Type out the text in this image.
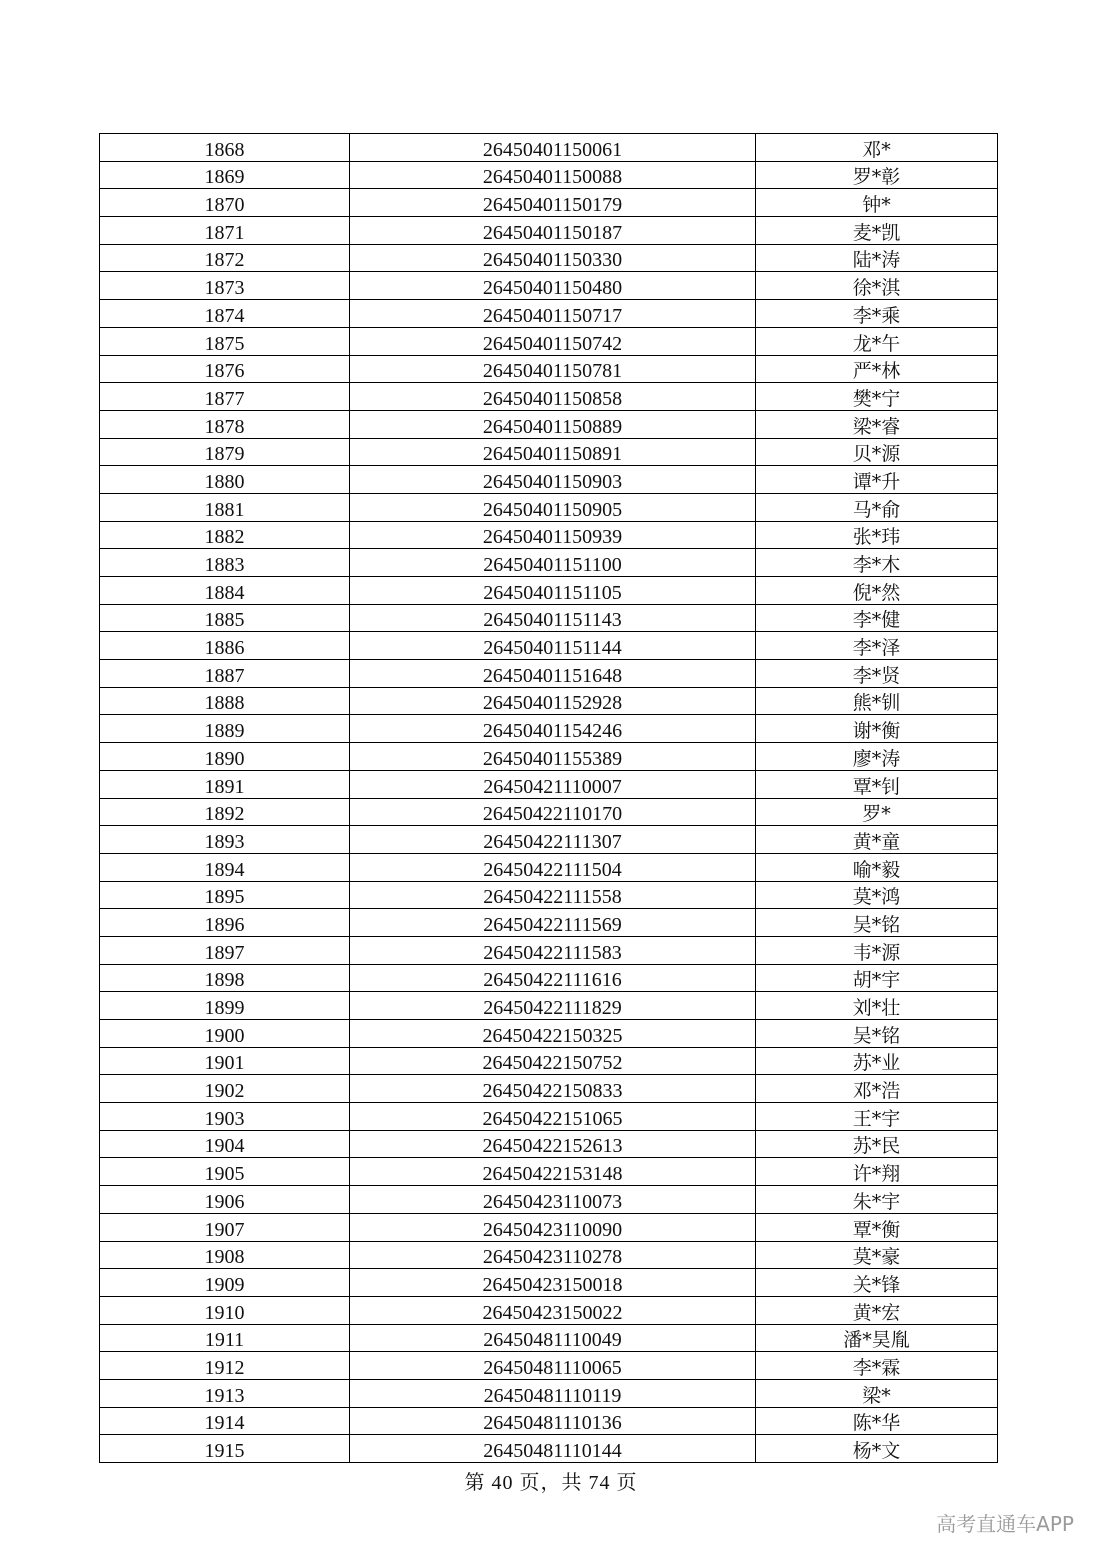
1868	26450401150061	邓*
1869	26450401150088	罗*彰
1870	26450401150179	钟*
1871	26450401150187	麦*凯
1872	26450401150330	陆*涛
1873	26450401150480	徐*淇
1874	26450401150717	李*乘
1875	26450401150742	龙*午
1876	26450401150781	严*林
1877	26450401150858	樊*宁
1878	26450401150889	梁*睿
1879	26450401150891	贝*源
1880	26450401150903	谭*升
1881	26450401150905	马*俞
1882	26450401150939	张*玮
1883	26450401151100	李*木
1884	26450401151105	倪*然
1885	26450401151143	李*健
1886	26450401151144	李*泽
1887	26450401151648	李*贤
1888	26450401152928	熊*钏
1889	26450401154246	谢*衡
1890	26450401155389	廖*涛
1891	26450421110007	覃*钊
1892	26450422110170	罗*
1893	26450422111307	黄*童
1894	26450422111504	喻*毅
1895	26450422111558	莫*鸿
1896	26450422111569	吴*铭
1897	26450422111583	韦*源
1898	26450422111616	胡*宇
1899	26450422111829	刘*壮
1900	26450422150325	吴*铭
1901	26450422150752	苏*业
1902	26450422150833	邓*浩
1903	26450422151065	王*宇
1904	26450422152613	苏*民
1905	26450422153148	许*翔
1906	26450423110073	朱*宇
1907	26450423110090	覃*衡
1908	26450423110278	莫*豪
1909	26450423150018	关*锋
1910	26450423150022	黄*宏
1911	26450481110049	潘*昊胤
1912	26450481110065	李*霖
1913	26450481110119	梁*
1914	26450481110136	陈*华
1915	26450481110144	杨*文
第 40 页，共 74 页
高考直通车APP
